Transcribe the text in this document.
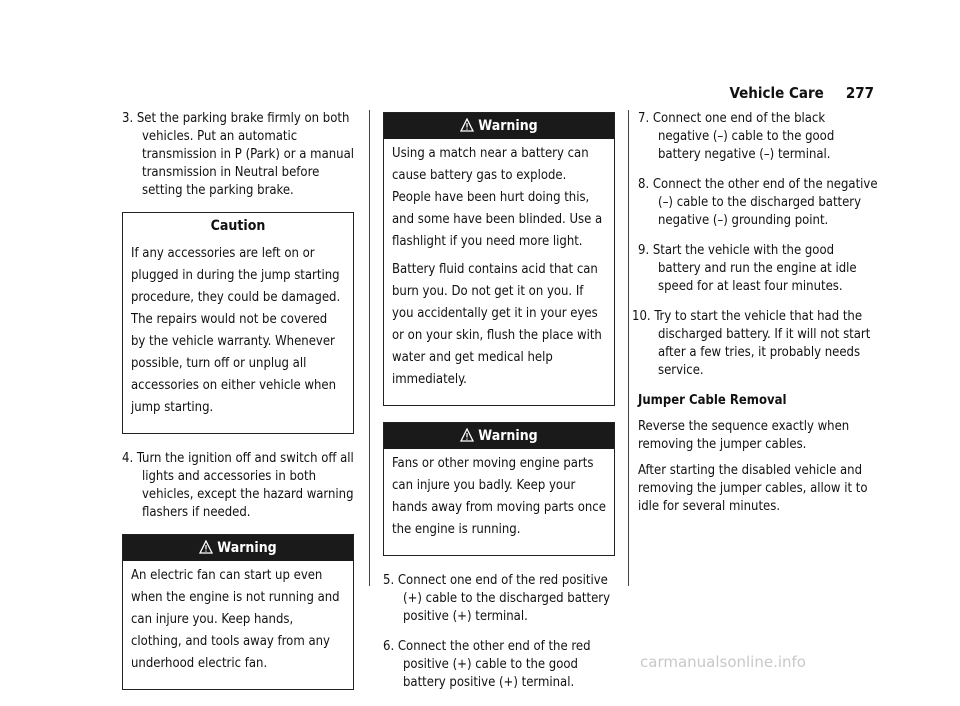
Vehicle Care 277
3. Set the parking brake firmly on both vehicles. Put an automatic transmission in P (Park) or a manual transmission in Neutral before setting the parking brake.
Caution

If any accessories are left on or plugged in during the jump starting procedure, they could be damaged. The repairs would not be covered by the vehicle warranty. Whenever possible, turn off or unplug all accessories on either vehicle when jump starting.

4. Turn the ignition off and switch off all lights and accessories in both vehicles, except the hazard warning flashers if needed.
Warning

An electric fan can start up even when the engine is not running and can injure you. Keep hands, clothing, and tools away from any underhood electric fan.

Warning

Using a match near a battery can cause battery gas to explode. People have been hurt doing this, and some have been blinded. Use a flashlight if you need more light.

Battery fluid contains acid that can burn you. Do not get it on you. If you accidentally get it in your eyes or on your skin, flush the place with water and get medical help immediately.

Warning

Fans or other moving engine parts can injure you badly. Keep your hands away from moving parts once the engine is running.

5. Connect one end of the red positive (+) cable to the discharged battery positive (+) terminal.
6. Connect the other end of the red positive (+) cable to the good battery positive (+) terminal.
7. Connect one end of the black negative (–) cable to the good battery negative (–) terminal.
8. Connect the other end of the negative (–) cable to the discharged battery negative (–) grounding point.
9. Start the vehicle with the good battery and run the engine at idle speed for at least four minutes.
10. Try to start the vehicle that had the discharged battery. If it will not start after a few tries, it probably needs service.
Jumper Cable Removal

Reverse the sequence exactly when removing the jumper cables.

After starting the disabled vehicle and removing the jumper cables, allow it to idle for several minutes.

carmanualsonline.info
